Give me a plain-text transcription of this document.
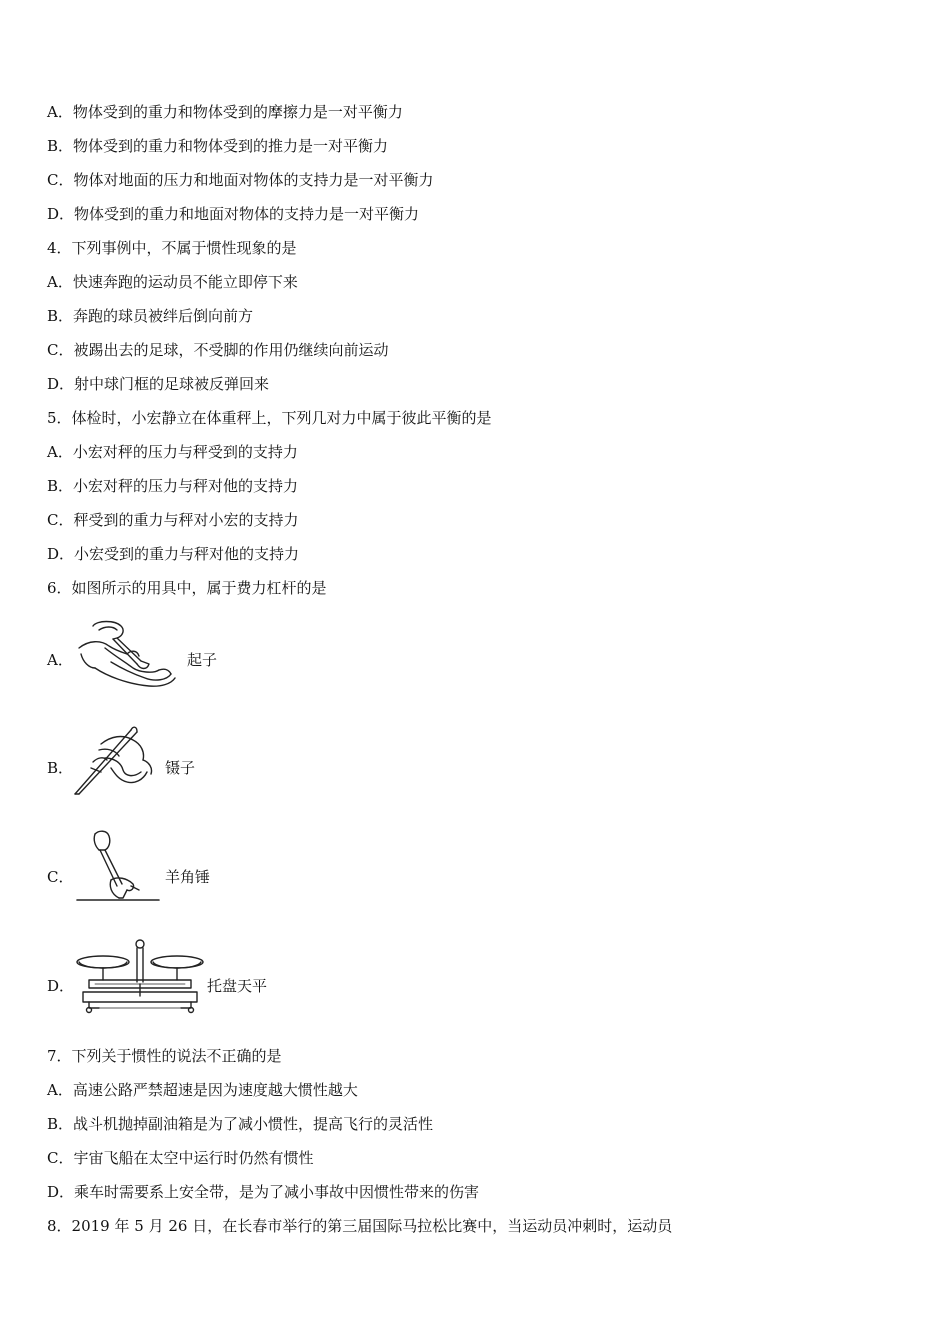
A．物体受到的重力和物体受到的摩擦力是一对平衡力
B．物体受到的重力和物体受到的推力是一对平衡力
C．物体对地面的压力和地面对物体的支持力是一对平衡力
D．物体受到的重力和地面对物体的支持力是一对平衡力
4．下列事例中，不属于惯性现象的是
A．快速奔跑的运动员不能立即停下来
B．奔跑的球员被绊后倒向前方
C．被踢出去的足球，不受脚的作用仍继续向前运动
D．射中球门框的足球被反弹回来
5．体检时，小宏静立在体重秤上，下列几对力中属于彼此平衡的是
A．小宏对秤的压力与秤受到的支持力
B．小宏对秤的压力与秤对他的支持力
C．秤受到的重力与秤对小宏的支持力
D．小宏受到的重力与秤对他的支持力
6．如图所示的用具中，属于费力杠杆的是
A．	起子
B．	镊子
C．	羊角锤
D．	托盘天平
7．下列关于惯性的说法不正确的是
A．高速公路严禁超速是因为速度越大惯性越大
B．战斗机抛掉副油箱是为了减小惯性，提高飞行的灵活性
C．宇宙飞船在太空中运行时仍然有惯性
D．乘车时需要系上安全带，是为了减小事故中因惯性带来的伤害
8．2019 年 5 月 26 日，在长春市举行的第三届国际马拉松比赛中，当运动员冲刺时，运动员
